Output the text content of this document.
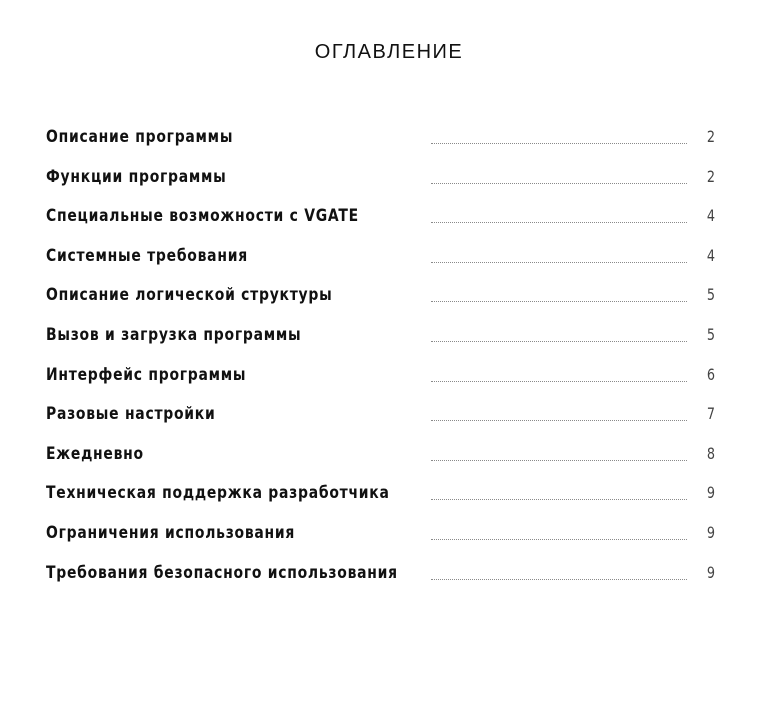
ОГЛАВЛЕНИЕ
Описание программы	2
Функции программы	2
Специальные возможности с VGATE	4
Системные требования	4
Описание логической структуры	5
Вызов и загрузка программы	5
Интерфейс программы	6
Разовые настройки	7
Ежедневно	8
Техническая поддержка разработчика	9
Ограничения использования	9
Требования безопасного использования	9
